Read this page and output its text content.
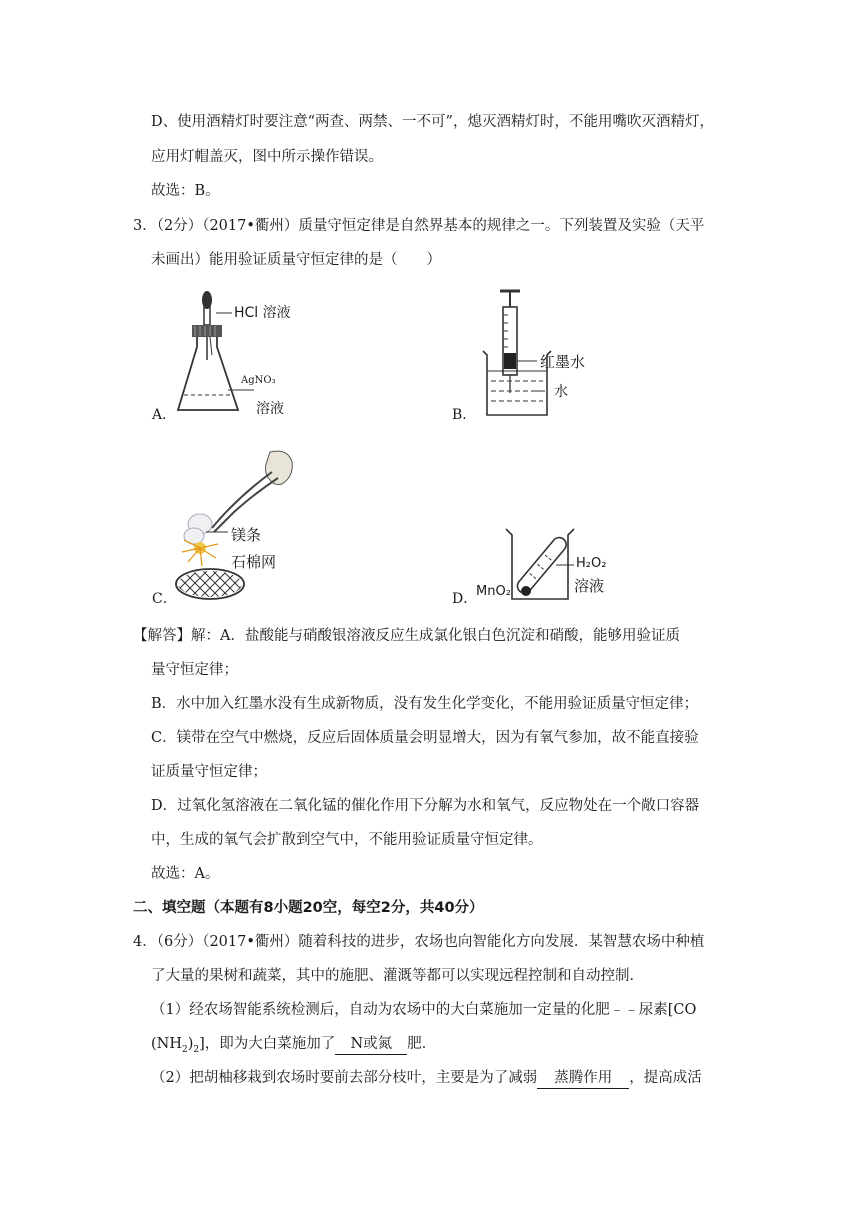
D、使用酒精灯时要注意“两查、两禁、一不可”，熄灭酒精灯时，不能用嘴吹灭酒精灯，
应用灯帽盖灭，图中所示操作错误。
故选：B。
3．（2分）（2017•衢州）质量守恒定律是自然界基本的规律之一。下列装置及实验（天平
未画出）能用验证质量守恒定律的是（　　）
A．
HCl 溶液
AgNO₃
溶液	B．
红墨水
水
C．
镁条
石棉网
D．
MnO₂
H₂O₂
溶液
【解答】解：A．盐酸能与硝酸银溶液反应生成氯化银白色沉淀和硝酸，能够用验证质
量守恒定律；
B．水中加入红墨水没有生成新物质，没有发生化学变化，不能用验证质量守恒定律；
C．镁带在空气中燃烧，反应后固体质量会明显增大，因为有氧气参加，故不能直接验
证质量守恒定律；
D．过氧化氢溶液在二氧化锰的催化作用下分解为水和氧气，反应物处在一个敞口容器
中，生成的氧气会扩散到空气中，不能用验证质量守恒定律。
故选：A。
二、填空题（本题有8小题20空，每空2分，共40分）
4．（6分）（2017•衢州）随着科技的进步，农场也向智能化方向发展．某智慧农场中种植
了大量的果树和蔬菜，其中的施肥、灌溉等都可以实现远程控制和自动控制．
（1）经农场智能系统检测后，自动为农场中的大白菜施加一定量的化肥﹣﹣尿素[CO
$(NH_2)_2$]，即为大白菜施加了 N或氮 肥．
（2）把胡柚移栽到农场时要前去部分枝叶，主要是为了减弱 蒸腾作用 ，提高成活
